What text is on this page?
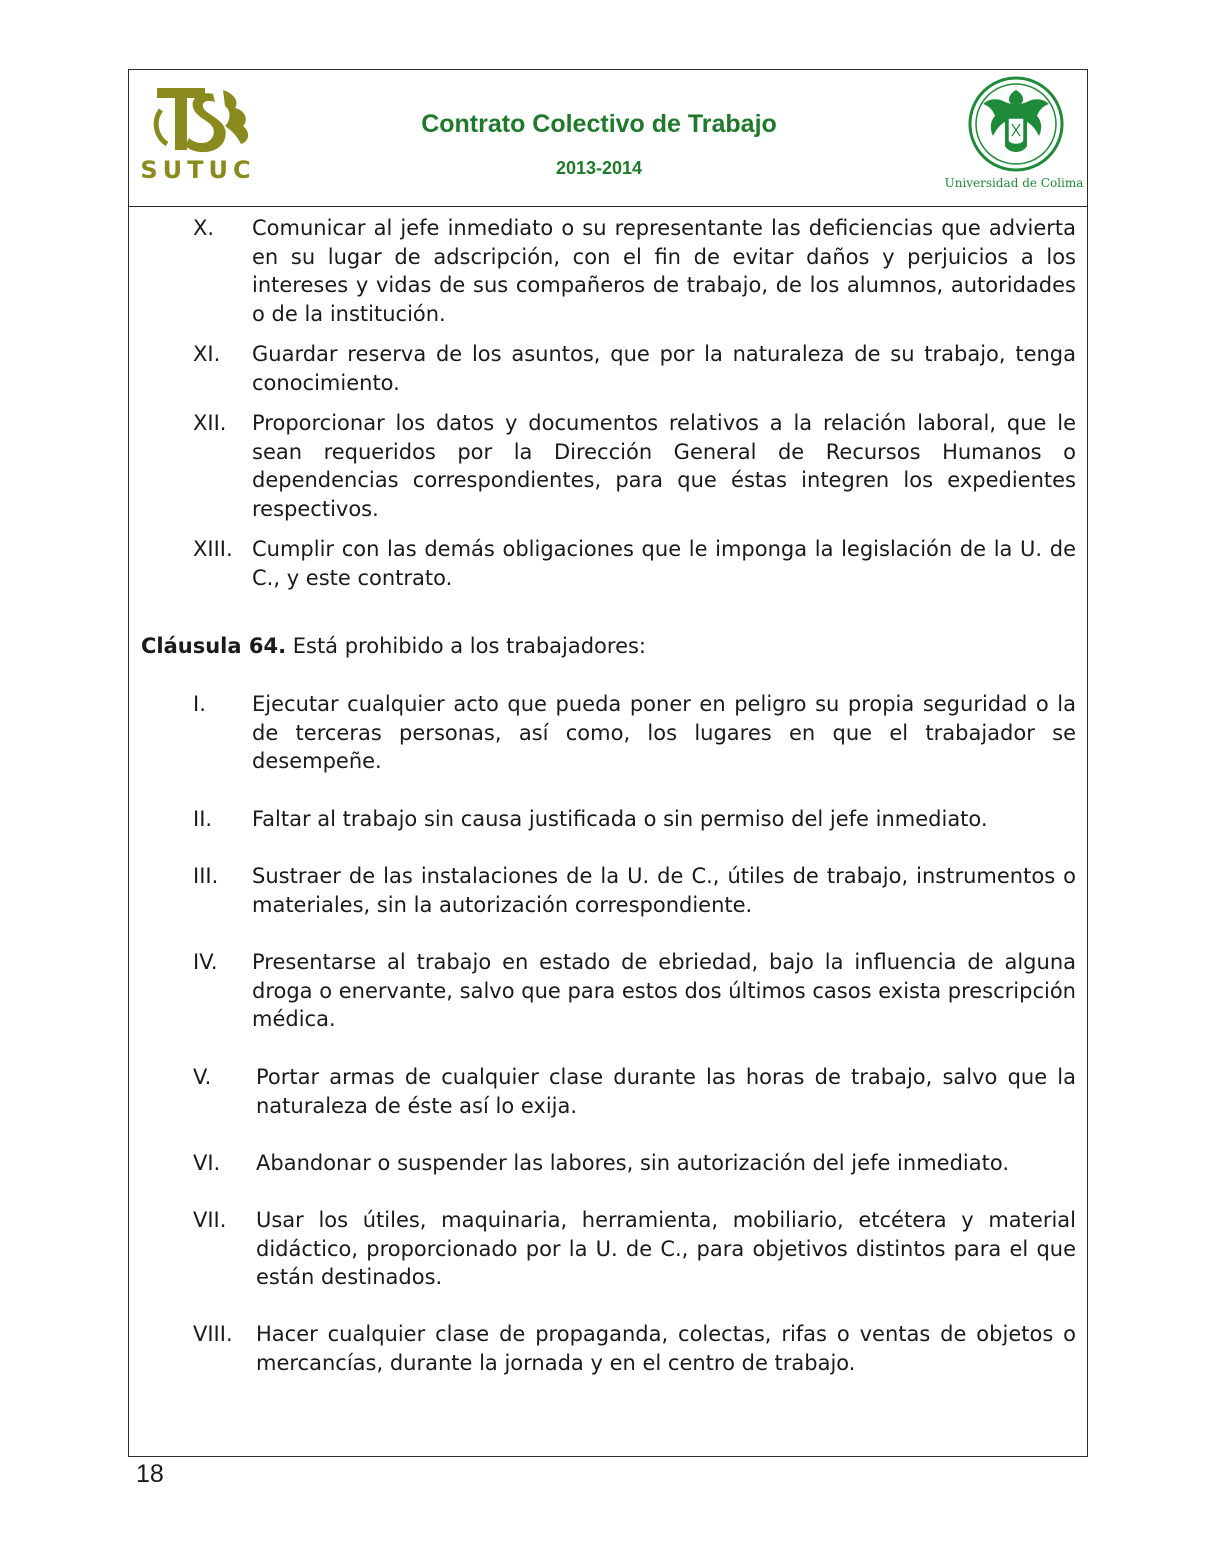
SUTUC
Contrato Colectivo de Trabajo
2013-2014
Universidad de Colima
X.	Comunicar al jefe inmediato o su representante las deficiencias que advierta en su lugar de adscripción, con el fin de evitar daños y perjuicios a los intereses y vidas de sus compañeros de trabajo, de los alumnos, autoridades o de la institución.
XI.	Guardar reserva de los asuntos, que por la naturaleza de su trabajo, tenga conocimiento.
XII.	Proporcionar los datos y documentos relativos a la relación laboral, que le sean requeridos por la Dirección General de Recursos Humanos o dependencias correspondientes, para que éstas integren los expedientes respectivos.
XIII. Cumplir con las demás obligaciones que le imponga la legislación de la U. de C., y este contrato.
Cláusula 64. Está prohibido a los trabajadores:
I.	Ejecutar cualquier acto que pueda poner en peligro su propia seguridad o la de terceras personas, así como, los lugares en que el trabajador se desempeñe.
II.	Faltar al trabajo sin causa justificada o sin permiso del jefe inmediato.
III.	Sustraer de las instalaciones de la U. de C., útiles de trabajo, instrumentos o materiales, sin la autorización correspondiente.
IV.	Presentarse al trabajo en estado de ebriedad, bajo la influencia de alguna droga o enervante, salvo que para estos dos últimos casos exista prescripción médica.
V.	Portar armas de cualquier clase durante las horas de trabajo, salvo que la naturaleza de éste así lo exija.
VI.	Abandonar o suspender las labores, sin autorización del jefe inmediato.
VII.	Usar los útiles, maquinaria, herramienta, mobiliario, etcétera y material didáctico, proporcionado por la U. de C., para objetivos distintos para el que están destinados.
VIII.	Hacer cualquier clase de propaganda, colectas, rifas o ventas de objetos o mercancías, durante la jornada y en el centro de trabajo.
18
